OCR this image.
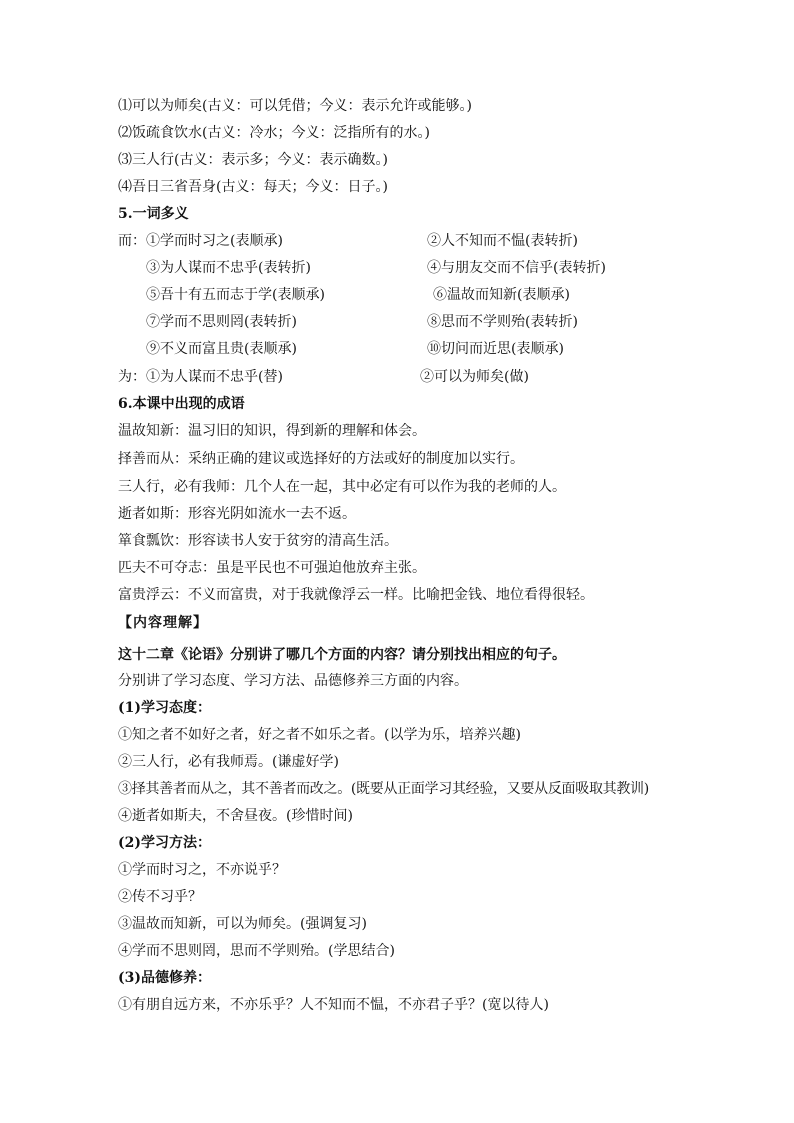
⑴可以为师矣(古义：可以凭借；今义：表示允许或能够。)
⑵饭疏食饮水(古义：冷水；今义：泛指所有的水。)
⑶三人行(古义：表示多；今义：表示确数。)
⑷吾日三省吾身(古义：每天；今义：日子。)
5.一词多义
而：①学而时习之(表顺承)	②人不知而不愠(表转折)
③为人谋而不忠乎(表转折)	④与朋友交而不信乎(表转折)
⑤吾十有五而志于学(表顺承)	⑥温故而知新(表顺承)
⑦学而不思则罔(表转折)	⑧思而不学则殆(表转折)
⑨不义而富且贵(表顺承)	⑩切问而近思(表顺承)
为：①为人谋而不忠乎(替)	②可以为师矣(做)
6.本课中出现的成语
温故知新：温习旧的知识，得到新的理解和体会。
择善而从：采纳正确的建议或选择好的方法或好的制度加以实行。
三人行，必有我师：几个人在一起，其中必定有可以作为我的老师的人。
逝者如斯：形容光阴如流水一去不返。
箪食瓢饮：形容读书人安于贫穷的清高生活。
匹夫不可夺志：虽是平民也不可强迫他放弃主张。
富贵浮云：不义而富贵，对于我就像浮云一样。比喻把金钱、地位看得很轻。
【内容理解】
这十二章《论语》分别讲了哪几个方面的内容？请分别找出相应的句子。
分别讲了学习态度、学习方法、品德修养三方面的内容。
(1)学习态度：
①知之者不如好之者，好之者不如乐之者。(以学为乐，培养兴趣)
②三人行，必有我师焉。(谦虚好学)
③择其善者而从之，其不善者而改之。(既要从正面学习其经验，又要从反面吸取其教训)
④逝者如斯夫，不舍昼夜。(珍惜时间)
(2)学习方法：
①学而时习之，不亦说乎？
②传不习乎？
③温故而知新，可以为师矣。(强调复习)
④学而不思则罔，思而不学则殆。(学思结合)
(3)品德修养：
①有朋自远方来，不亦乐乎？人不知而不愠，不亦君子乎？(宽以待人)
